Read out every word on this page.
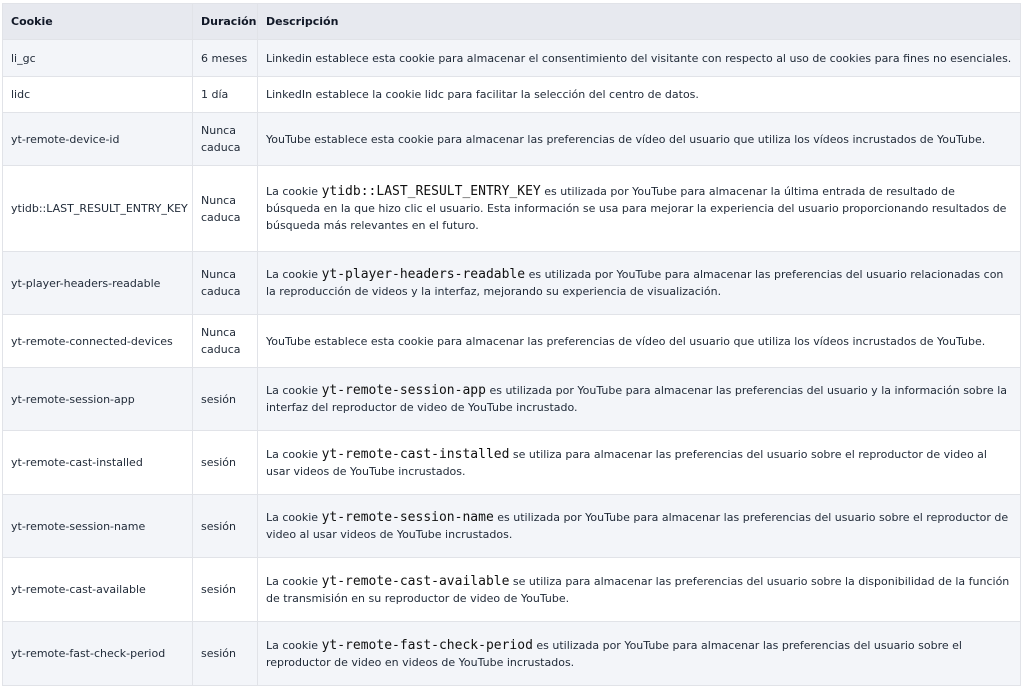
Cookie	Duración	Descripción
li_gc	6 meses	Linkedin establece esta cookie para almacenar el consentimiento del visitante con respecto al uso de cookies para fines no esenciales.
lidc	1 día	LinkedIn establece la cookie lidc para facilitar la selección del centro de datos.
yt-remote-device-id	Nunca caduca	YouTube establece esta cookie para almacenar las preferencias de vídeo del usuario que utiliza los vídeos incrustados de YouTube.
ytidb::LAST_RESULT_ENTRY_KEY	Nunca caduca	La cookie ytidb::LAST_RESULT_ENTRY_KEY es utilizada por YouTube para almacenar la última entrada de resultado de búsqueda en la que hizo clic el usuario. Esta información se usa para mejorar la experiencia del usuario proporcionando resultados de búsqueda más relevantes en el futuro.
yt-player-headers-readable	Nunca caduca	La cookie yt-player-headers-readable es utilizada por YouTube para almacenar las preferencias del usuario relacionadas con la reproducción de videos y la interfaz, mejorando su experiencia de visualización.
yt-remote-connected-devices	Nunca caduca	YouTube establece esta cookie para almacenar las preferencias de vídeo del usuario que utiliza los vídeos incrustados de YouTube.
yt-remote-session-app	sesión	La cookie yt-remote-session-app es utilizada por YouTube para almacenar las preferencias del usuario y la información sobre la interfaz del reproductor de video de YouTube incrustado.
yt-remote-cast-installed	sesión	La cookie yt-remote-cast-installed se utiliza para almacenar las preferencias del usuario sobre el reproductor de video al usar videos de YouTube incrustados.
yt-remote-session-name	sesión	La cookie yt-remote-session-name es utilizada por YouTube para almacenar las preferencias del usuario sobre el reproductor de video al usar videos de YouTube incrustados.
yt-remote-cast-available	sesión	La cookie yt-remote-cast-available se utiliza para almacenar las preferencias del usuario sobre la disponibilidad de la función de transmisión en su reproductor de video de YouTube.
yt-remote-fast-check-period	sesión	La cookie yt-remote-fast-check-period es utilizada por YouTube para almacenar las preferencias del usuario sobre el reproductor de video en videos de YouTube incrustados.
